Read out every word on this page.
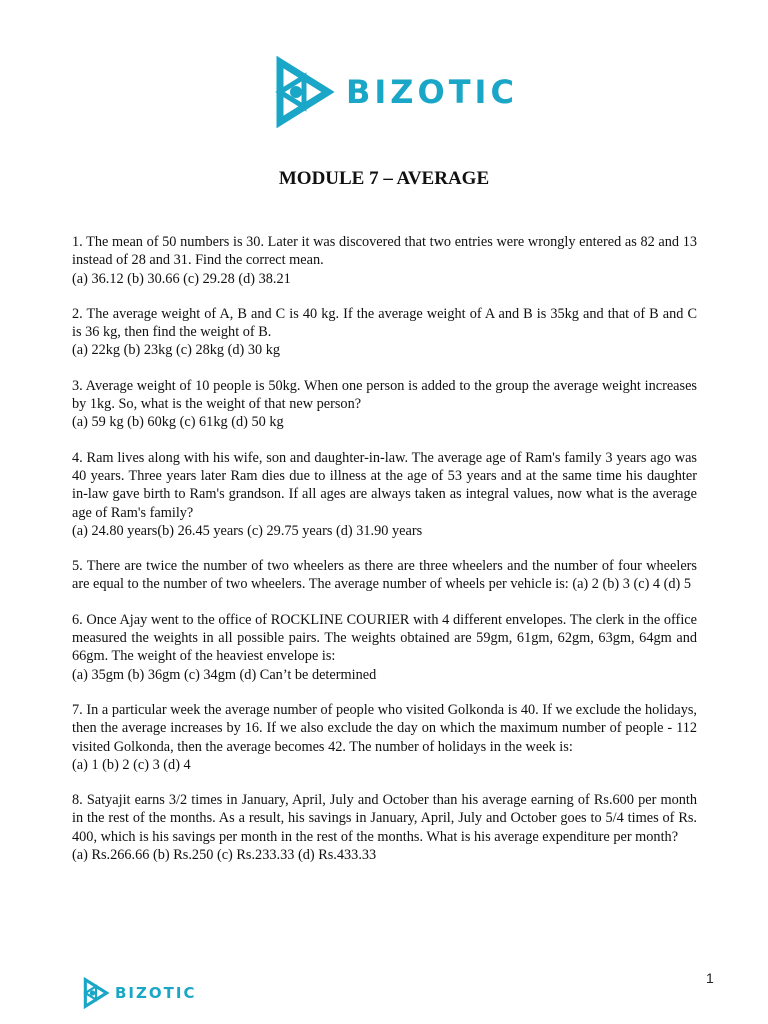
BIZOTIC
MODULE 7 – AVERAGE

1. The mean of 50 numbers is 30. Later it was discovered that two entries were wrongly entered as 82 and 13 instead of 28 and 31. Find the correct mean.

(a) 36.12 (b) 30.66 (c) 29.28 (d) 38.21

2. The average weight of A, B and C is 40 kg. If the average weight of A and B is 35kg and that of B and C is 36 kg, then find the weight of B.

(a) 22kg (b) 23kg (c) 28kg (d) 30 kg

3. Average weight of 10 people is 50kg. When one person is added to the group the average weight increases by 1kg. So, what is the weight of that new person?

(a) 59 kg (b) 60kg (c) 61kg (d) 50 kg

4. Ram lives along with his wife, son and daughter-in-law. The average age of Ram's family 3 years ago was 40 years. Three years later Ram dies due to illness at the age of 53 years and at the same time his daughter in-law gave birth to Ram's grandson. If all ages are always taken as integral values, now what is the average age of Ram's family?

(a) 24.80 years(b) 26.45 years (c) 29.75 years (d) 31.90 years

5. There are twice the number of two wheelers as there are three wheelers and the number of four wheelers are equal to the number of two wheelers. The average number of wheels per vehicle is: (a) 2 (b) 3 (c) 4 (d) 5

6. Once Ajay went to the office of ROCKLINE COURIER with 4 different envelopes. The clerk in the office measured the weights in all possible pairs. The weights obtained are 59gm, 61gm, 62gm, 63gm, 64gm and 66gm. The weight of the heaviest envelope is:

(a) 35gm (b) 36gm (c) 34gm (d) Can’t be determined

7. In a particular week the average number of people who visited Golkonda is 40. If we exclude the holidays, then the average increases by 16. If we also exclude the day on which the maximum number of people - 112 visited Golkonda, then the average becomes 42. The number of holidays in the week is:

(a) 1 (b) 2 (c) 3 (d) 4

8. Satyajit earns 3/2 times in January, April, July and October than his average earning of Rs.600 per month in the rest of the months. As a result, his savings in January, April, July and October goes to 5/4 times of Rs. 400, which is his savings per month in the rest of the months. What is his average expenditure per month?

(a) Rs.266.66 (b) Rs.250 (c) Rs.233.33 (d) Rs.433.33

BIZOTIC
1
